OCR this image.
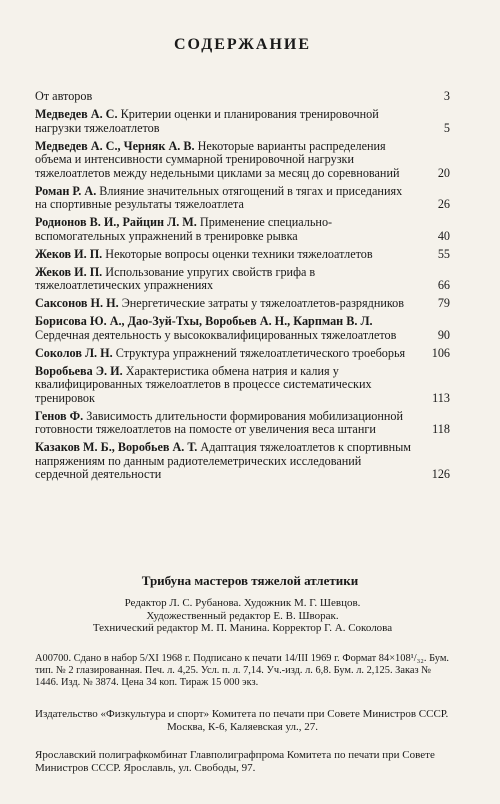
СОДЕРЖАНИЕ
От авторов	3
Медведев А. С. Критерии оценки и планирования тренировочной нагрузки тяжелоатлетов	5
Медведев А. С., Черняк А. В. Некоторые варианты распределения объема и интенсивности суммарной тренировочной нагрузки тяжелоатлетов между недельными циклами за месяц до соревнований	20
Роман Р. А. Влияние значительных отягощений в тягах и приседаниях на спортивные результаты тяжелоатлета	26
Родионов В. И., Райцин Л. М. Применение специально-вспомогательных упражнений в тренировке рывка	40
Жеков И. П. Некоторые вопросы оценки техники тяжелоатлетов	55
Жеков И. П. Использование упругих свойств грифа в тяжелоатлетических упражнениях	66
Саксонов Н. Н. Энергетические затраты у тяжелоатлетов-разрядников	79
Борисова Ю. А., Дао-Зуй-Тхы, Воробьев А. Н., Карпман В. Л. Сердечная деятельность у высококвалифицированных тяжелоатлетов	90
Соколов Л. Н. Структура упражнений тяжелоатлетического троеборья	106
Воробьева Э. И. Характеристика обмена натрия и калия у квалифицированных тяжелоатлетов в процессе систематических тренировок	113
Генов Ф. Зависимость длительности формирования мобилизационной готовности тяжелоатлетов на помосте от увеличения веса штанги	118
Казаков М. Б., Воробьев А. Т. Адаптация тяжелоатлетов к спортивным напряжениям по данным радиотелеметрических исследований сердечной деятельности	126
Трибуна мастеров тяжелой атлетики
Редактор Л. С. Рубанова. Художник М. Г. Шевцов.
Художественный редактор Е. В. Шворак.
Технический редактор М. П. Манина. Корректор Г. А. Соколова
А00700. Сдано в набор 5/XI 1968 г. Подписано к печати 14/III 1969 г. Формат 84×108¹/₃₂. Бум. тип. № 2 глазированная. Печ. л. 4,25. Усл. п. л. 7,14. Уч.-изд. л. 6,8. Бум. л. 2,125. Заказ № 1446. Изд. № 3874. Цена 34 коп. Тираж 15 000 экз.
Издательство «Физкультура и спорт» Комитета по печати при Совете Министров СССР.
Москва, К-6, Каляевская ул., 27.
Ярославский полиграфкомбинат Главполиграфпрома Комитета по печати при Совете Министров СССР. Ярославль, ул. Свободы, 97.
